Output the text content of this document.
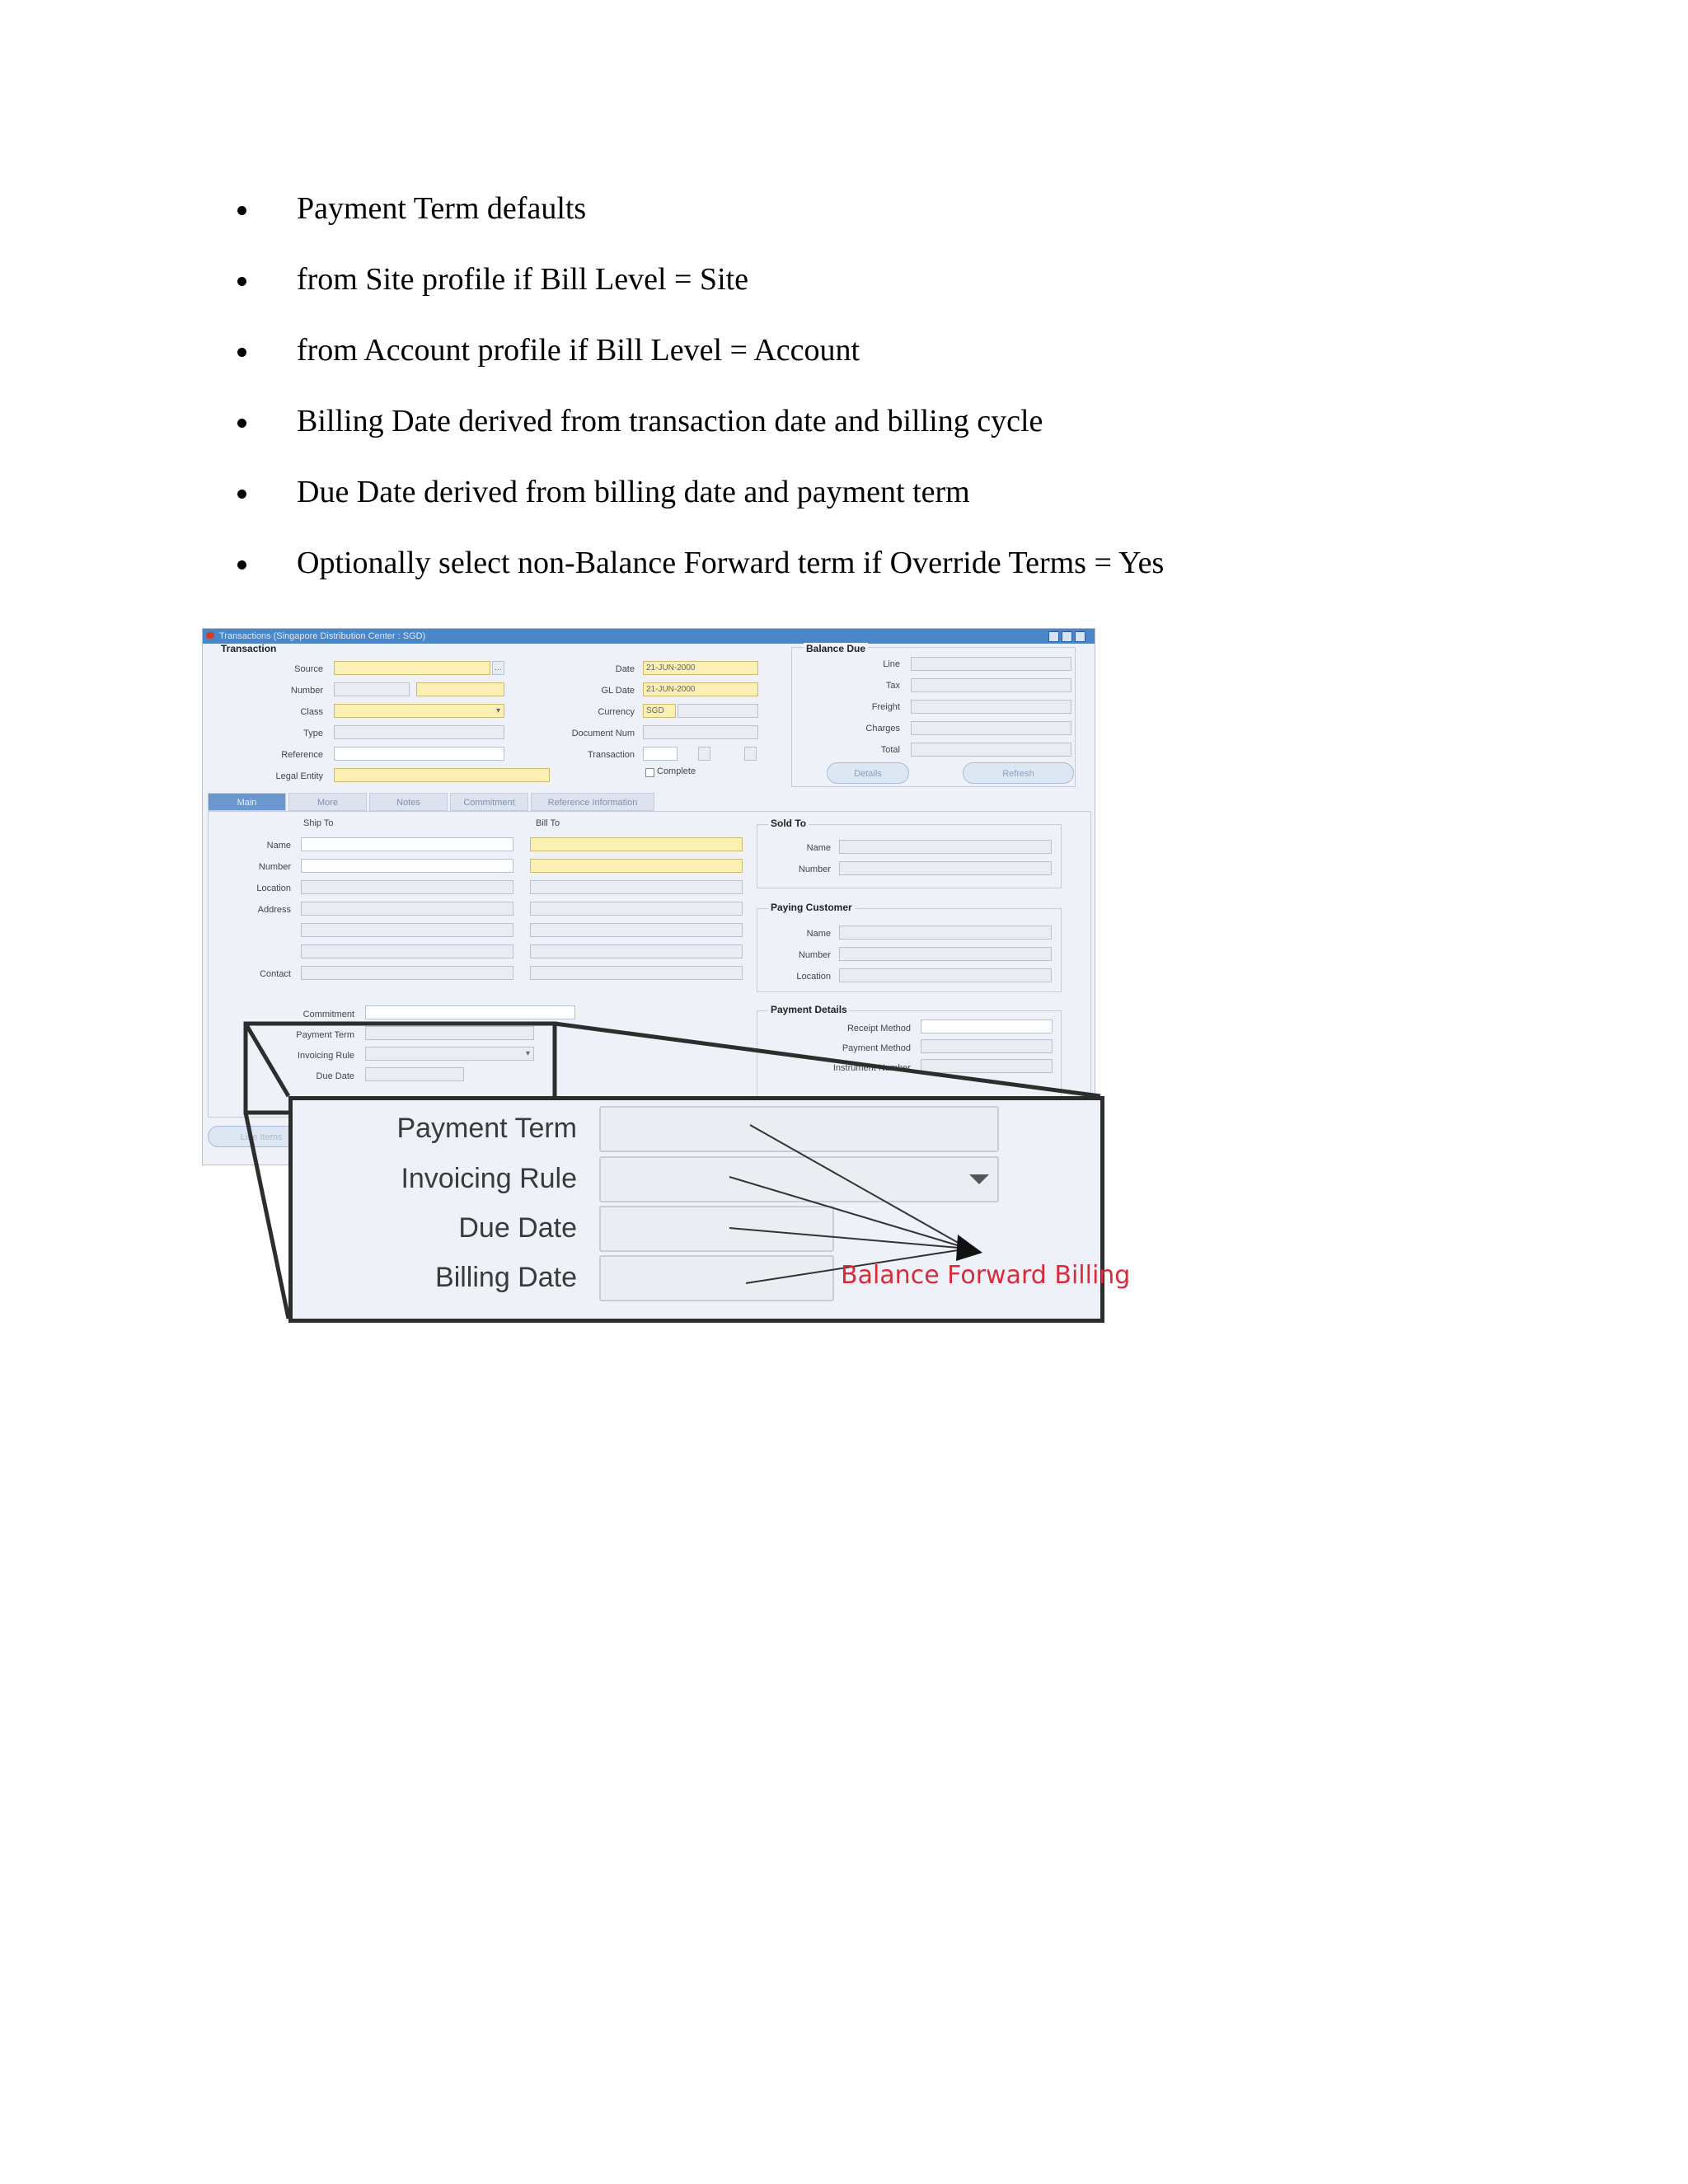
Payment Term defaults
from Site profile if Bill Level = Site
from Account profile if Bill Level = Account
Billing Date derived from transaction date and billing cycle
Due Date derived from billing date and payment term
Optionally select non-Balance Forward term if Override Terms = Yes
Transactions (Singapore Distribution Center : SGD)
Transaction
Source	…
Number
Class	▾
Type
Reference
Legal Entity
Date	21-JUN-2000
GL Date	21-JUN-2000
Currency	SGD
Document Num
Transaction
Complete
Balance Due
Line
Tax
Freight
Charges
Total
Details	Refresh
Main	More	Notes	Commitment	Reference Information
Ship To	Bill To
Name
Number
Location
Address
Contact
Sold To
Name
Number
Paying Customer
Name
Number
Location
Payment Details
Receipt Method
Payment Method
Instrument Number
Commitment
Payment Term
Invoicing Rule	▾
Due Date
Line Items	Payment Term
Invoicing Rule
Due Date
Billing Date	Balance Forward Billing
